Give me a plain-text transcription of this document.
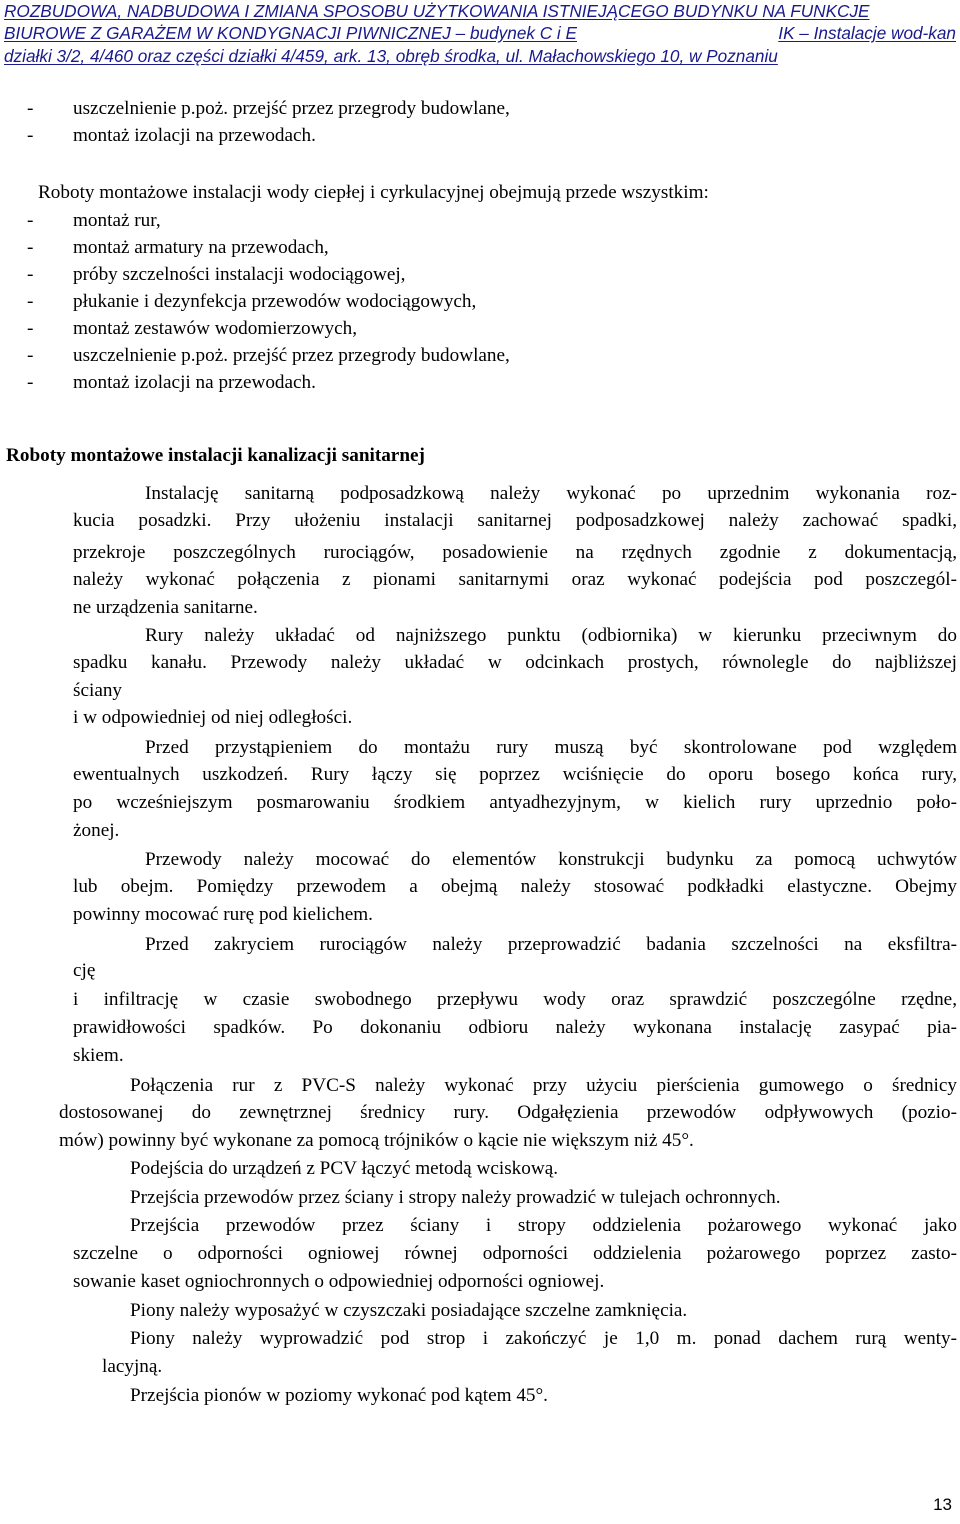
ROZBUDOWA, NADBUDOWA I ZMIANA SPOSOBU UŻYTKOWANIA ISTNIEJĄCEGO BUDYNKU NA FUNKCJE
BIUROWE Z GARAŻEM W KONDYGNACJI PIWNICZNEJ – budynek C i E	IK – Instalacje wod-kan
działki 3/2, 4/460 oraz części działki 4/459, ark. 13, obręb środka, ul. Małachowskiego 10, w Poznaniu
- uszczelnienie p.poż. przejść przez przegrody budowlane,
- montaż izolacji na przewodach.
Roboty montażowe instalacji wody ciepłej i cyrkulacyjnej obejmują przede wszystkim:
- montaż rur,
- montaż armatury na przewodach,
- próby szczelności instalacji wodociągowej,
- płukanie i dezynfekcja przewodów wodociągowych,
- montaż zestawów wodomierzowych,
- uszczelnienie p.poż. przejść przez przegrody budowlane,
- montaż izolacji na przewodach.
Roboty montażowe instalacji kanalizacji sanitarnej
Instalację sanitarną podposadzkową należy wykonać po uprzednim wykonania roz-
kucia posadzki. Przy ułożeniu instalacji sanitarnej podposadzkowej należy zachować spadki,
przekroje poszczególnych rurociągów, posadowienie na rzędnych zgodnie z dokumentacją,
należy wykonać połączenia z pionami sanitarnymi oraz wykonać podejścia pod poszczegól-
ne urządzenia sanitarne.
Rury należy układać od najniższego punktu (odbiornika) w kierunku przeciwnym do
spadku kanału. Przewody należy układać w odcinkach prostych, równolegle do najbliższej
ściany
i w odpowiedniej od niej odległości.
Przed przystąpieniem do montażu rury muszą być skontrolowane pod względem
ewentualnych uszkodzeń. Rury łączy się poprzez wciśnięcie do oporu bosego końca rury,
po wcześniejszym posmarowaniu środkiem antyadhezyjnym, w kielich rury uprzednio poło-
żonej.
Przewody należy mocować do elementów konstrukcji budynku za pomocą uchwytów
lub obejm. Pomiędzy przewodem a obejmą należy stosować podkładki elastyczne. Obejmy
powinny mocować rurę pod kielichem.
Przed zakryciem rurociągów należy przeprowadzić badania szczelności na eksfiltra-
cję
i infiltrację w czasie swobodnego przepływu wody oraz sprawdzić poszczególne rzędne,
prawidłowości spadków. Po dokonaniu odbioru należy wykonana instalację zasypać pia-
skiem.
Połączenia rur z PVC-S należy wykonać przy użyciu pierścienia gumowego o średnicy
dostosowanej do zewnętrznej średnicy rury. Odgałęzienia przewodów odpływowych (pozio-
mów) powinny być wykonane za pomocą trójników o kącie nie większym niż 45°.
Podejścia do urządzeń z PCV łączyć metodą wciskową.
Przejścia przewodów przez ściany i stropy należy prowadzić w tulejach ochronnych.
Przejścia przewodów przez ściany i stropy oddzielenia pożarowego wykonać jako
szczelne o odporności ogniowej równej odporności oddzielenia pożarowego poprzez zasto-
sowanie kaset ogniochronnych o odpowiedniej odporności ogniowej.
Piony należy wyposażyć w czyszczaki posiadające szczelne zamknięcia.
Piony należy wyprowadzić pod strop i zakończyć je 1,0 m. ponad dachem rurą wenty-
lacyjną.
Przejścia pionów w poziomy wykonać pod kątem 45°.
13
